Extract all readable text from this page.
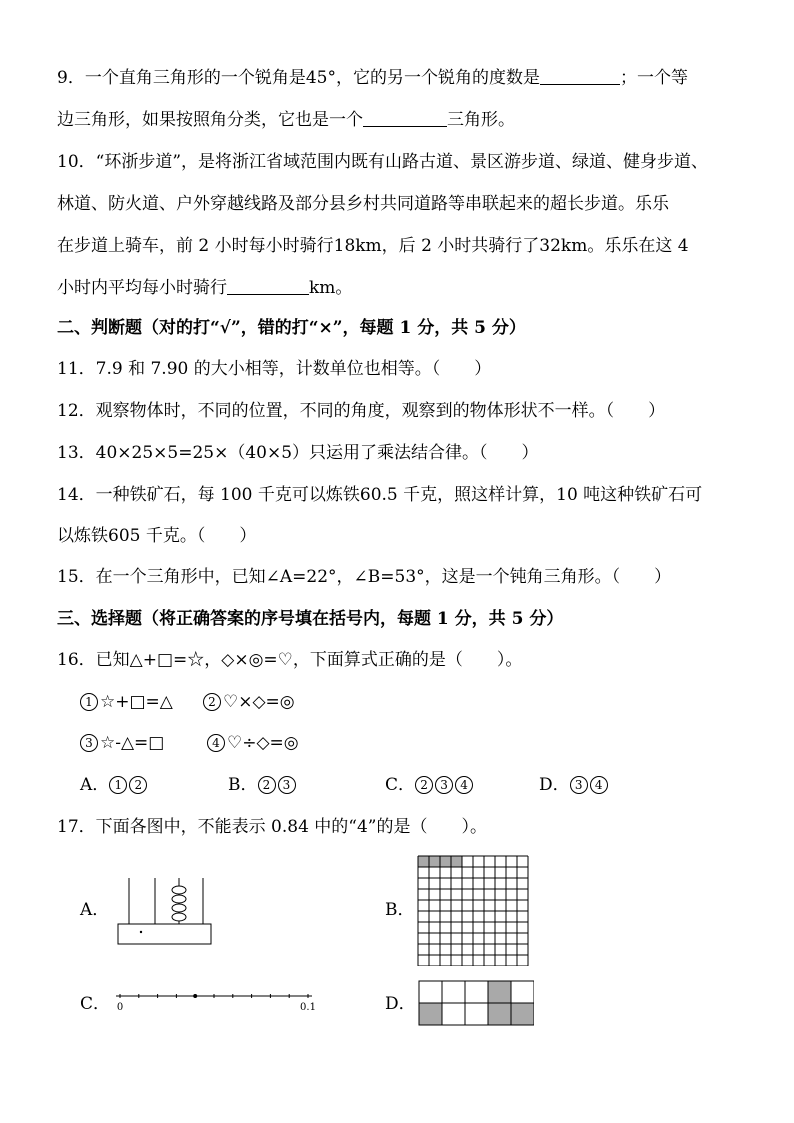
9．一个直角三角形的一个锐角是45°，它的另一个锐角的度数是	；一个等
边三角形，如果按照角分类，它也是一个	三角形。
10．“环浙步道”，是将浙江省域范围内既有山路古道、景区游步道、绿道、健身步道、
林道、防火道、户外穿越线路及部分县乡村共同道路等串联起来的超长步道。乐乐
在步道上骑车，前 2 小时每小时骑行18km，后 2 小时共骑行了32km。乐乐在这 4
小时内平均每小时骑行	km。
二、判断题（对的打“√”，错的打“×”，每题 1 分，共 5 分）
11．7.9 和 7.90 的大小相等，计数单位也相等。（　　）
12．观察物体时，不同的位置，不同的角度，观察到的物体形状不一样。（　　）
13．40×25×5=25×（40×5）只运用了乘法结合律。（　　）
14．一种铁矿石，每 100 千克可以炼铁60.5 千克，照这样计算，10 吨这种铁矿石可
以炼铁605 千克。（　　）
15．在一个三角形中，已知∠A=22°，∠B=53°，这是一个钝角三角形。（　　）
三、选择题（将正确答案的序号填在括号内，每题 1 分，共 5 分）
16．已知△+□=☆，◇×◎=♡，下面算式正确的是（　　）。
1 ☆+□=△	2 ♡×◇=◎
3 ☆-△=□	4 ♡÷◇=◎
A． 1 2	B． 2 3	C． 2 3 4	D． 3 4
17．下面各图中，不能表示 0.84 中的“4”的是（　　）。
A．	B．
C． 0	0.1	D．
